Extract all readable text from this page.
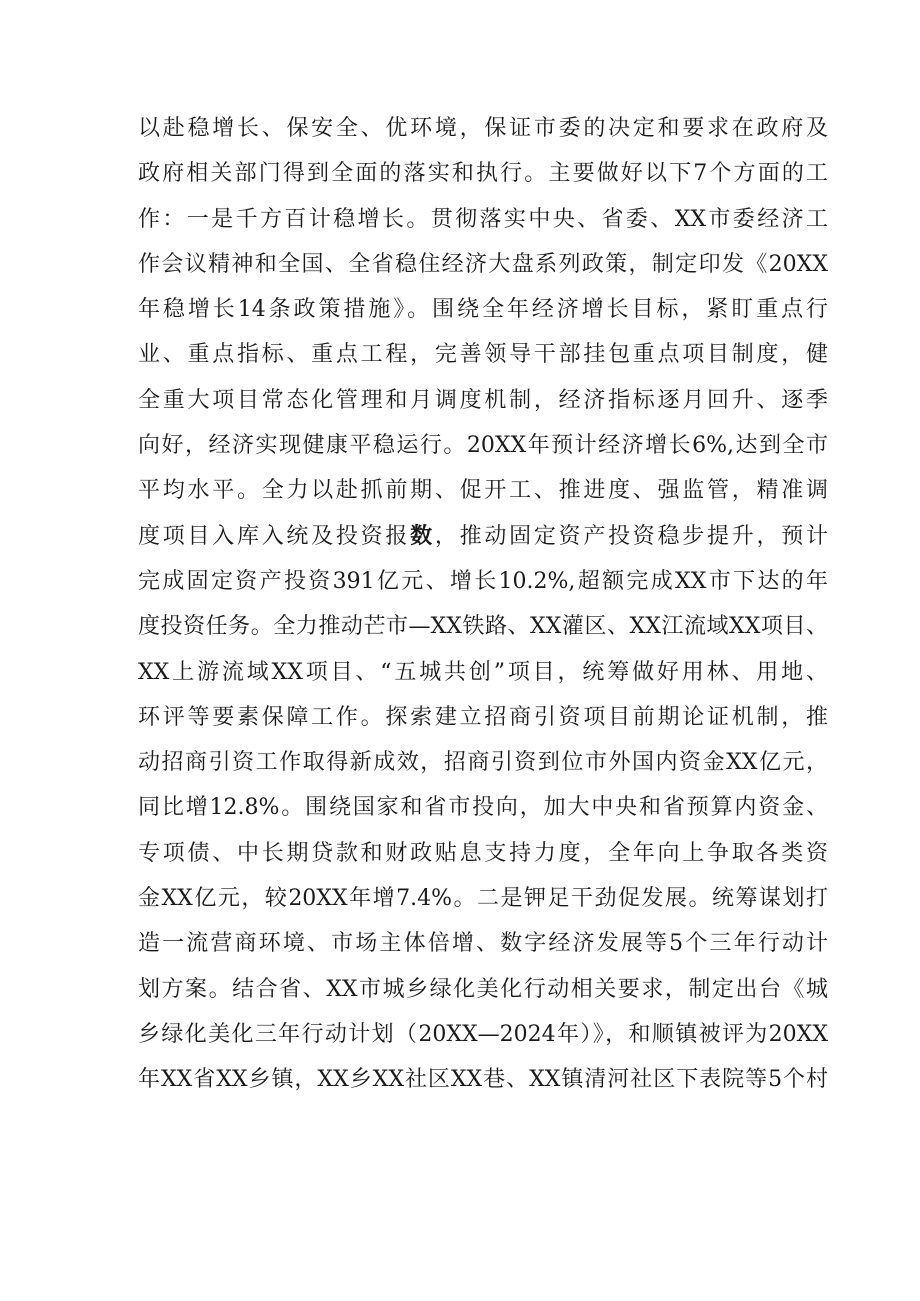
以赴稳增长、保安全、优环境，保证市委的决定和要求在政府及
政府相关部门得到全面的落实和执行。主要做好以下7个方面的工
作：一是千方百计稳增长。贯彻落实中央、省委、XX市委经济工
作会议精神和全国、全省稳住经济大盘系列政策，制定印发《20XX
年稳增长14条政策措施》。围绕全年经济增长目标，紧盯重点行
业、重点指标、重点工程，完善领导干部挂包重点项目制度，健
全重大项目常态化管理和月调度机制，经济指标逐月回升、逐季
向好，经济实现健康平稳运行。20XX年预计经济增长6%,达到全市
平均水平。全力以赴抓前期、促开工、推进度、强监管，精准调
度项目入库入统及投资报数，推动固定资产投资稳步提升，预计
完成固定资产投资391亿元、增长10.2%,超额完成XX市下达的年
度投资任务。全力推动芒市—XX铁路、XX灌区、XX江流域XX项目、
XX上游流域XX项目、“五城共创”项目，统筹做好用林、用地、
环评等要素保障工作。探索建立招商引资项目前期论证机制，推
动招商引资工作取得新成效，招商引资到位市外国内资金XX亿元，
同比增12.8%。围绕国家和省市投向，加大中央和省预算内资金、
专项债、中长期贷款和财政贴息支持力度，全年向上争取各类资
金XX亿元，较20XX年增7.4%。二是钾足干劲促发展。统筹谋划打
造一流营商环境、市场主体倍增、数字经济发展等5个三年行动计
划方案。结合省、XX市城乡绿化美化行动相关要求，制定出台《城
乡绿化美化三年行动计划（20XX—2024年）》，和顺镇被评为20XX
年XX省XX乡镇，XX乡XX社区XX巷、XX镇清河社区下表院等5个村
